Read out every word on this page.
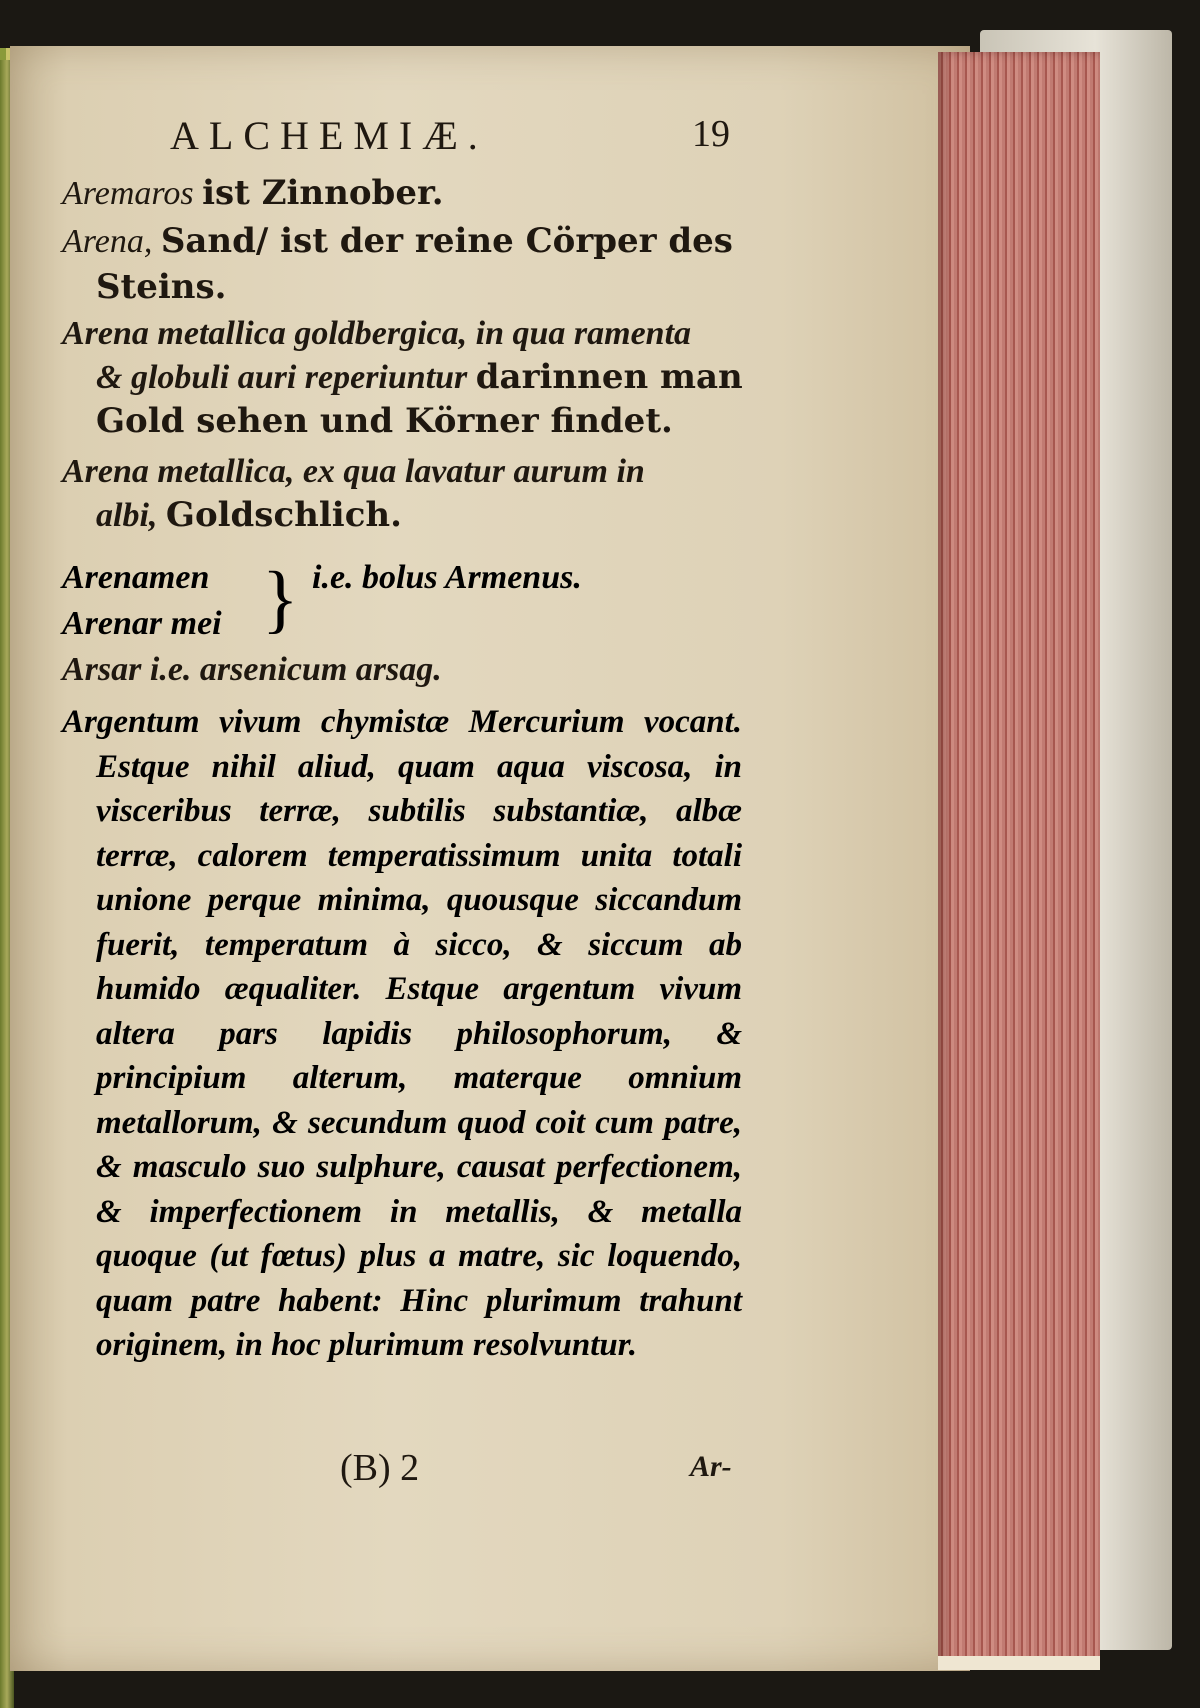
ALCHEMIÆ.	19
Aremaros ist Zinnober.
Arena, Sand/ ist der reine Cörper des
Steins.
Arena metallica goldbergica, in qua ramenta
& globuli auri reperiuntur darinnen man
Gold sehen und Körner findet.
Arena metallica, ex qua lavatur aurum in
albi, Goldschlich.
Arenamen
Arenar mei } i.e. bolus Armenus.
Arsar i.e. arsenicum arsag.
Argentum vivum chymistæ Mercurium vocant. Estque nihil aliud, quam aqua viscosa, in visceribus terræ, subtilis substantiæ, albæ terræ, calorem temperatissimum unita totali unione perque minima, quousque siccandum fuerit, temperatum à sicco, & siccum ab humido æqualiter. Estque argentum vivum altera pars lapidis philosophorum, & principium alterum, materque omnium metallorum, & secundum quod coit cum patre, & masculo suo sulphure, causat perfectionem, & imperfectionem in metallis, & metalla quoque (ut fœtus) plus a matre, sic loquendo, quam patre habent: Hinc plurimum trahunt originem, in hoc plurimum resolvuntur.
(B) 2	Ar-
